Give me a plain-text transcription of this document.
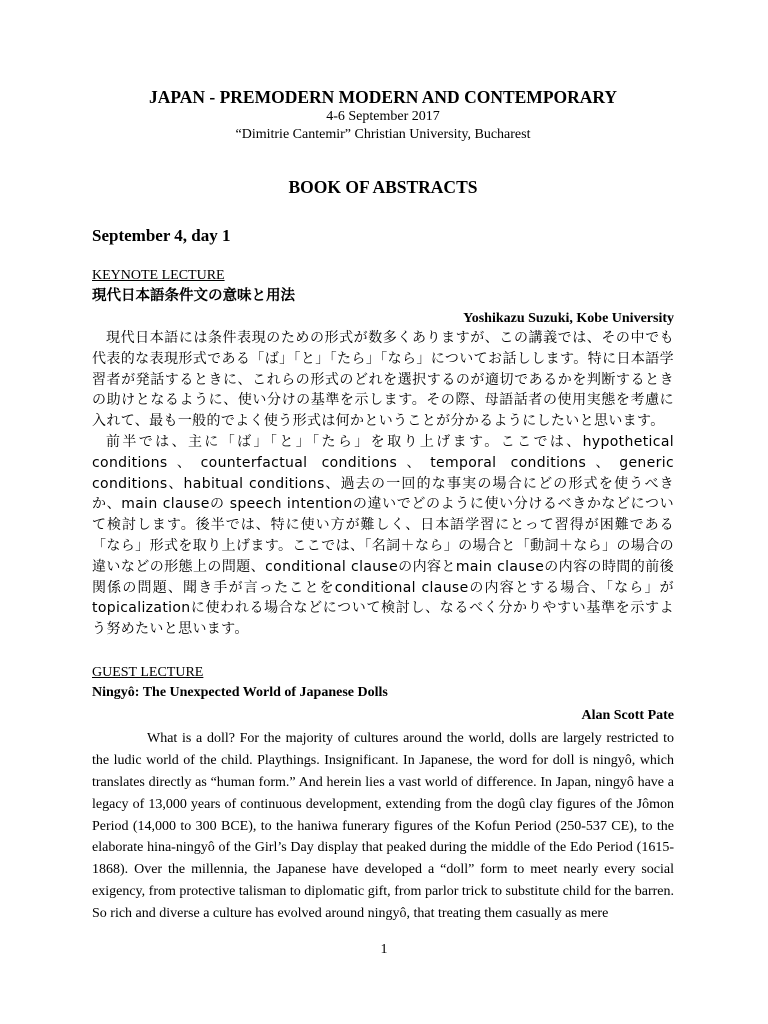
JAPAN - PREMODERN MODERN AND CONTEMPORARY

4-6 September 2017

“Dimitrie Cantemir” Christian University, Bucharest

BOOK OF ABSTRACTS

September 4, day 1

KEYNOTE LECTURE

現代日本語条件文の意味と用法

Yoshikazu Suzuki, Kobe University

現代日本語には条件表現のための形式が数多くありますが、この講義では、その中でも代表的な表現形式である「ば」「と」「たら」「なら」についてお話しします。特に日本語学習者が発話するときに、これらの形式のどれを選択するのが適切であるかを判断するときの助けとなるように、使い分けの基準を示します。その際、母語話者の使用実態を考慮に入れて、最も一般的でよく使う形式は何かということが分かるようにしたいと思います。

前半では、主に「ば」「と」「たら」を取り上げます。ここでは、hypothetical conditions、counterfactual conditions、temporal conditions、generic conditions、habitual conditions、過去の一回的な事実の場合にどの形式を使うべきか、main clauseの speech intentionの違いでどのように使い分けるべきかなどについて検討します。後半では、特に使い方が難しく、日本語学習にとって習得が困難である「なら」形式を取り上げます。ここでは、「名詞＋なら」の場合と「動詞＋なら」の場合の違いなどの形態上の問題、conditional clauseの内容とmain clauseの内容の時間的前後関係の問題、聞き手が言ったことをconditional clauseの内容とする場合、「なら」がtopicalizationに使われる場合などについて検討し、なるべく分かりやすい基準を示すよう努めたいと思います。

GUEST LECTURE

Ningyô: The Unexpected World of Japanese Dolls

Alan Scott Pate

What is a doll? For the majority of cultures around the world, dolls are largely restricted to the ludic world of the child. Playthings. Insignificant. In Japanese, the word for doll is ningyô, which translates directly as “human form.” And herein lies a vast world of difference. In Japan, ningyô have a legacy of 13,000 years of continuous development, extending from the dogû clay figures of the Jômon Period (14,000 to 300 BCE), to the haniwa funerary figures of the Kofun Period (250-537 CE), to the elaborate hina-ningyô of the Girl’s Day display that peaked during the middle of the Edo Period (1615-1868). Over the millennia, the Japanese have developed a “doll” form to meet nearly every social exigency, from protective talisman to diplomatic gift, from parlor trick to substitute child for the barren. So rich and diverse a culture has evolved around ningyô, that treating them casually as mere

1
